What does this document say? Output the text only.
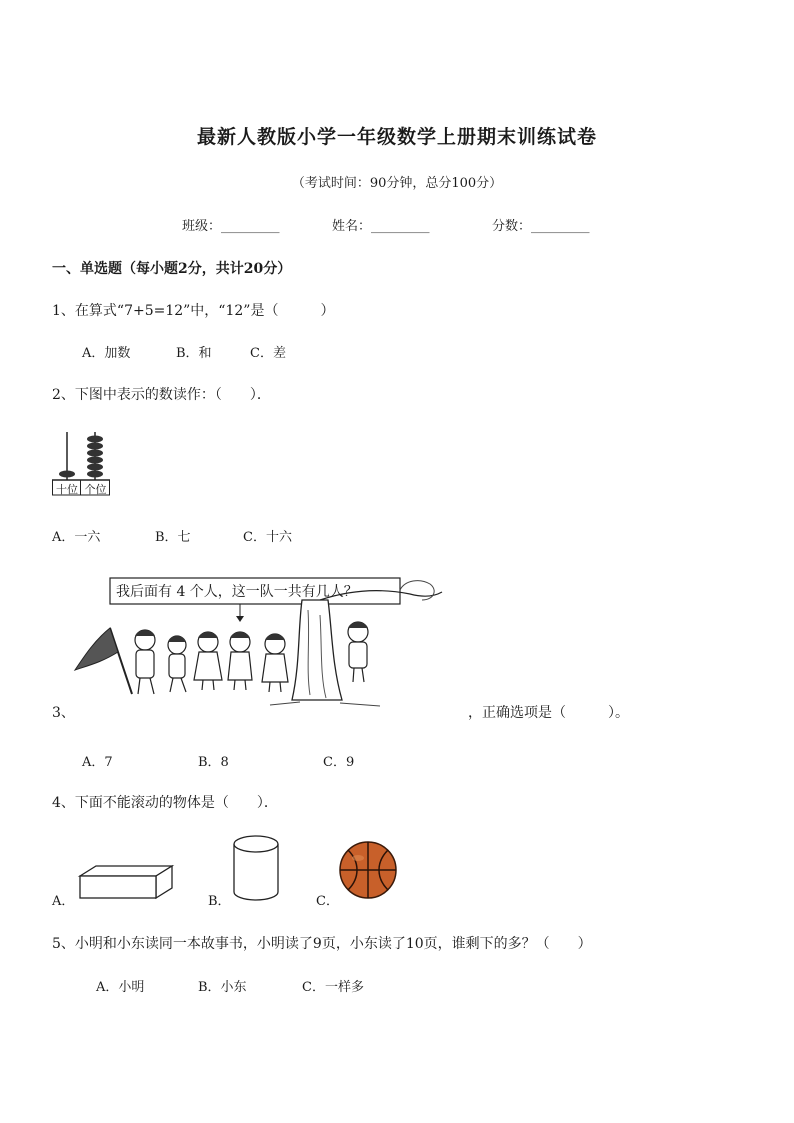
最新人教版小学一年级数学上册期末训练试卷
（考试时间：90分钟，总分100分）
班级：_________	姓名：_________	分数：_________
一、单选题（每小题2分，共计20分）
1、在算式“7+5=12”中，“12”是（　　　）
A．加数	B．和	C．差
2、下图中表示的数读作：（　　）．
十位 个位
A．一六	B．七	C．十六
我后面有 4 个人，这一队一共有几人？
3、	，正确选项是（　　　）。
A．7	B．8	C．9
4、下面不能滚动的物体是（　　）．
A．	B．	C．
5、小明和小东读同一本故事书，小明读了9页，小东读了10页，谁剩下的多？（　　）
A．小明	B．小东	C．一样多
